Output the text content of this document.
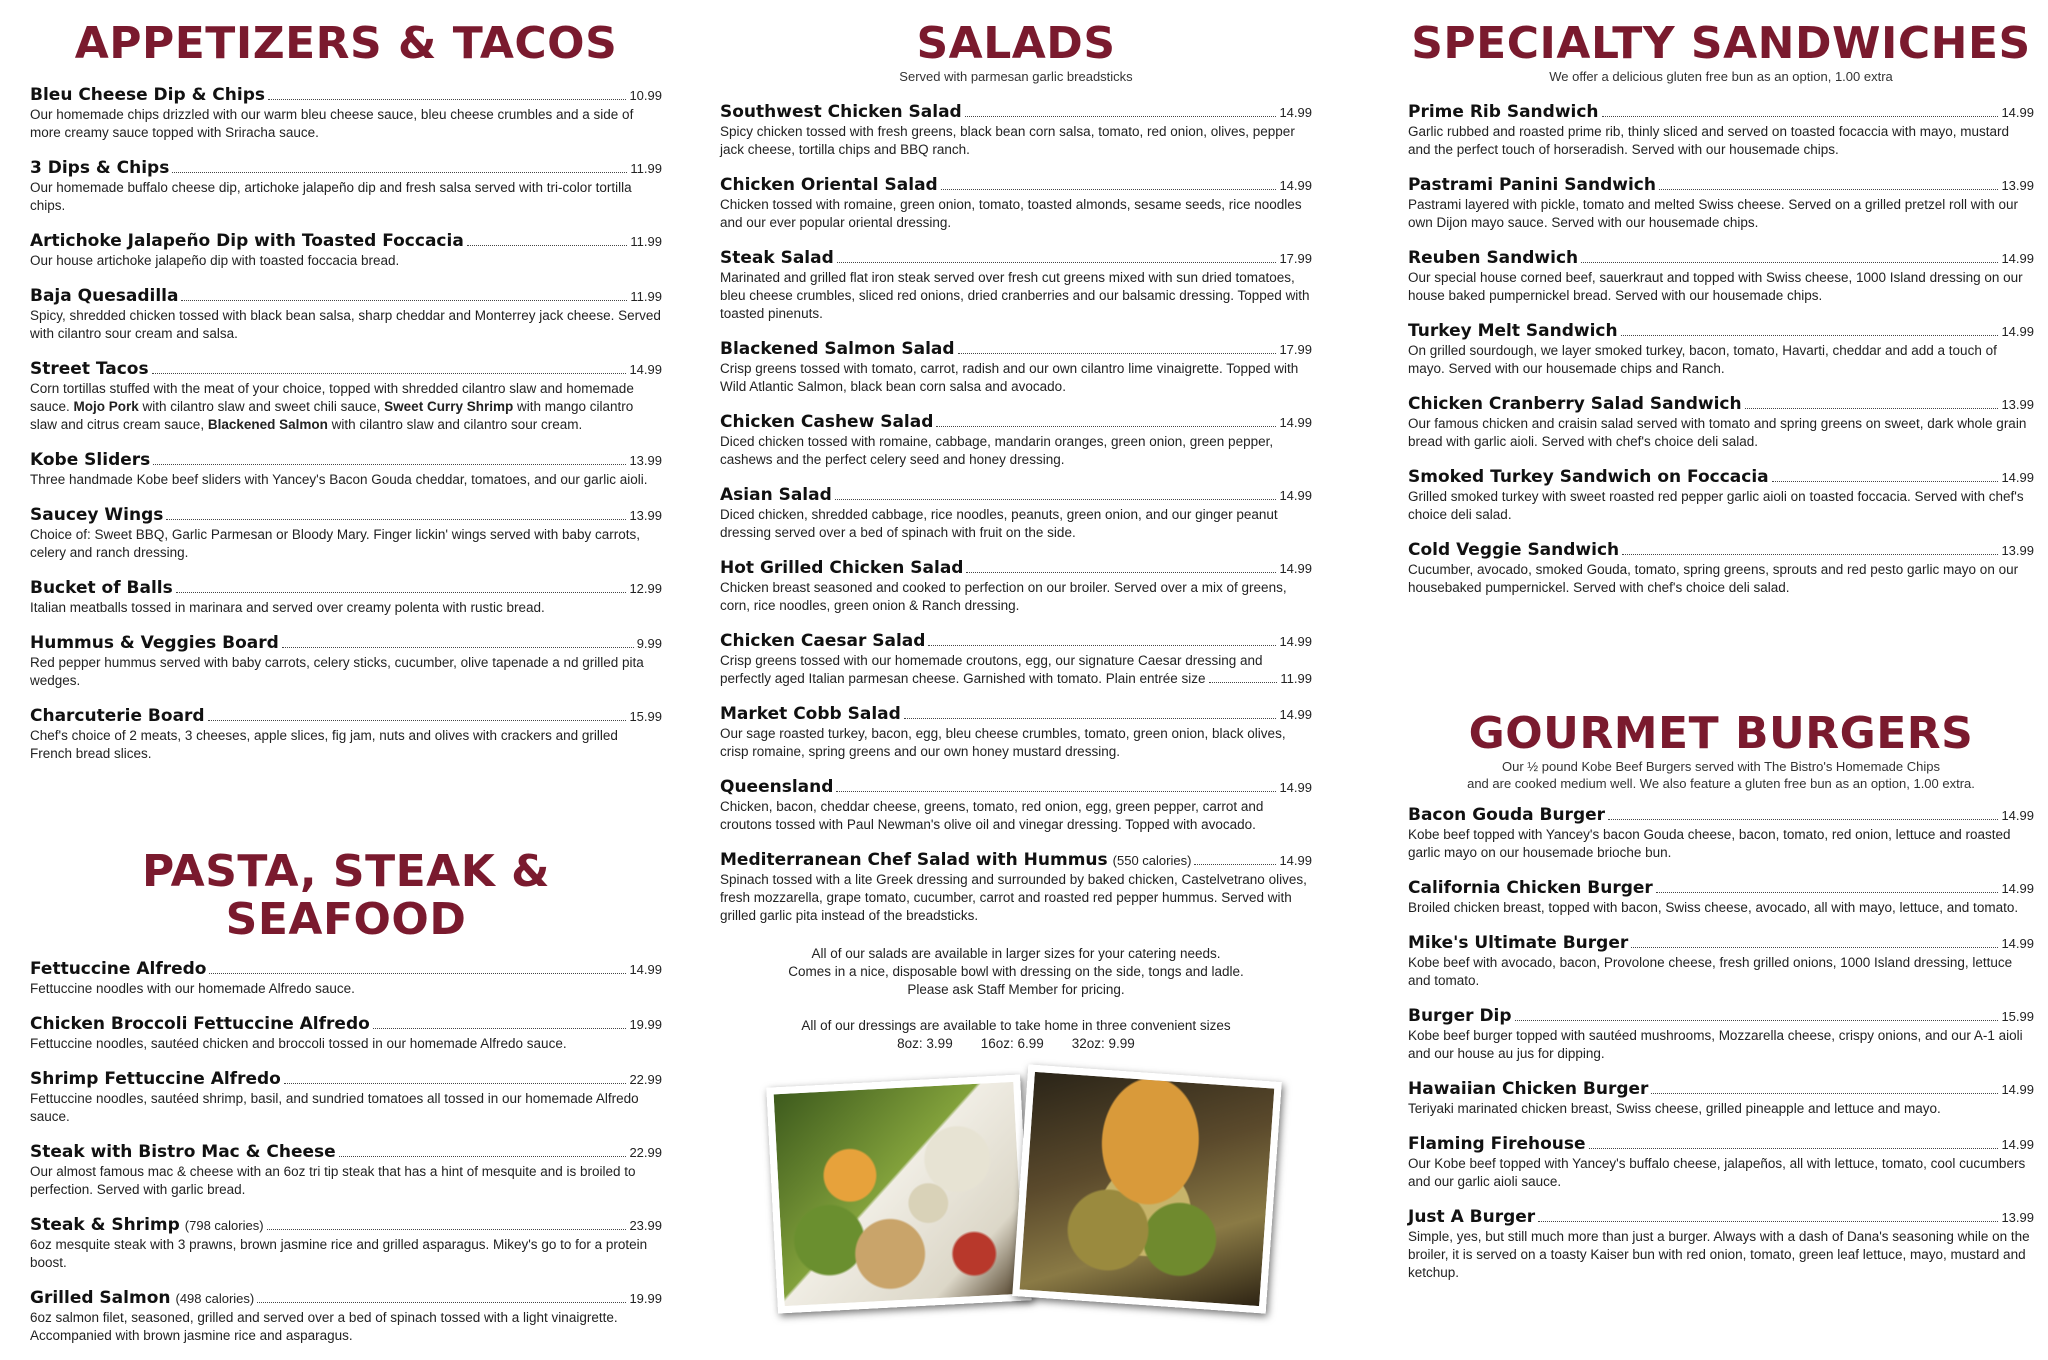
APPETIZERS & TACOS
Bleu Cheese Dip & Chips	10.99
Our homemade chips drizzled with our warm bleu cheese sauce, bleu cheese crumbles and a side of more creamy sauce topped with Sriracha sauce.
3 Dips & Chips	11.99
Our homemade buffalo cheese dip, artichoke jalapeño dip and fresh salsa served with tri-color tortilla chips.
Artichoke Jalapeño Dip with Toasted Foccacia	11.99
Our house artichoke jalapeño dip with toasted foccacia bread.
Baja Quesadilla	11.99
Spicy, shredded chicken tossed with black bean salsa, sharp cheddar and Monterrey jack cheese. Served with cilantro sour cream and salsa.
Street Tacos	14.99
Corn tortillas stuffed with the meat of your choice, topped with shredded cilantro slaw and homemade sauce. Mojo Pork with cilantro slaw and sweet chili sauce, Sweet Curry Shrimp with mango cilantro slaw and citrus cream sauce, Blackened Salmon with cilantro slaw and cilantro sour cream.
Kobe Sliders	13.99
Three handmade Kobe beef sliders with Yancey's Bacon Gouda cheddar, tomatoes, and our garlic aioli.
Saucey Wings	13.99
Choice of: Sweet BBQ, Garlic Parmesan or Bloody Mary. Finger lickin' wings served with baby carrots, celery and ranch dressing.
Bucket of Balls	12.99
Italian meatballs tossed in marinara and served over creamy polenta with rustic bread.
Hummus & Veggies Board	9.99
Red pepper hummus served with baby carrots, celery sticks, cucumber, olive tapenade a nd grilled pita wedges.
Charcuterie Board	15.99
Chef's choice of 2 meats, 3 cheeses, apple slices, fig jam, nuts and olives with crackers and grilled French bread slices.
PASTA, STEAK & SEAFOOD
Fettuccine Alfredo	14.99
Fettuccine noodles with our homemade Alfredo sauce.
Chicken Broccoli Fettuccine Alfredo	19.99
Fettuccine noodles, sautéed chicken and broccoli tossed in our homemade Alfredo sauce.
Shrimp Fettuccine Alfredo	22.99
Fettuccine noodles, sautéed shrimp, basil, and sundried tomatoes all tossed in our homemade Alfredo sauce.
Steak with Bistro Mac & Cheese	22.99
Our almost famous mac & cheese with an 6oz tri tip steak that has a hint of mesquite and is broiled to perfection. Served with garlic bread.
Steak & Shrimp (798 calories)	23.99
6oz mesquite steak with 3 prawns, brown jasmine rice and grilled asparagus. Mikey's go to for a protein boost.
Grilled Salmon (498 calories)	19.99
6oz salmon filet, seasoned, grilled and served over a bed of spinach tossed with a light vinaigrette. Accompanied with brown jasmine rice and asparagus.
SALADS

Served with parmesan garlic breadsticks

Southwest Chicken Salad	14.99
Spicy chicken tossed with fresh greens, black bean corn salsa, tomato, red onion, olives, pepper jack cheese, tortilla chips and BBQ ranch.
Chicken Oriental Salad	14.99
Chicken tossed with romaine, green onion, tomato, toasted almonds, sesame seeds, rice noodles and our ever popular oriental dressing.
Steak Salad	17.99
Marinated and grilled flat iron steak served over fresh cut greens mixed with sun dried tomatoes, bleu cheese crumbles, sliced red onions, dried cranberries and our balsamic dressing. Topped with toasted pinenuts.
Blackened Salmon Salad	17.99
Crisp greens tossed with tomato, carrot, radish and our own cilantro lime vinaigrette. Topped with Wild Atlantic Salmon, black bean corn salsa and avocado.
Chicken Cashew Salad	14.99
Diced chicken tossed with romaine, cabbage, mandarin oranges, green onion, green pepper, cashews and the perfect celery seed and honey dressing.
Asian Salad	14.99
Diced chicken, shredded cabbage, rice noodles, peanuts, green onion, and our ginger peanut dressing served over a bed of spinach with fruit on the side.
Hot Grilled Chicken Salad	14.99
Chicken breast seasoned and cooked to perfection on our broiler. Served over a mix of greens, corn, rice noodles, green onion & Ranch dressing.
Chicken Caesar Salad	14.99
Crisp greens tossed with our homemade croutons, egg, our signature Caesar dressing and
perfectly aged Italian parmesan cheese. Garnished with tomato. Plain entrée size	11.99
Market Cobb Salad	14.99
Our sage roasted turkey, bacon, egg, bleu cheese crumbles, tomato, green onion, black olives, crisp romaine, spring greens and our own honey mustard dressing.
Queensland	14.99
Chicken, bacon, cheddar cheese, greens, tomato, red onion, egg, green pepper, carrot and croutons tossed with Paul Newman's olive oil and vinegar dressing. Topped with avocado.
Mediterranean Chef Salad with Hummus (550 calories)	14.99
Spinach tossed with a lite Greek dressing and surrounded by baked chicken, Castelvetrano olives, fresh mozzarella, grape tomato, cucumber, carrot and roasted red pepper hummus. Served with grilled garlic pita instead of the breadsticks.

All of our salads are available in larger sizes for your catering needs.

Comes in a nice, disposable bowl with dressing on the side, tongs and ladle.

Please ask Staff Member for pricing.

All of our dressings are available to take home in three convenient sizes

8oz: 3.99 16oz: 6.99 32oz: 9.99
SPECIALTY SANDWICHES

We offer a delicious gluten free bun as an option, 1.00 extra

Prime Rib Sandwich	14.99
Garlic rubbed and roasted prime rib, thinly sliced and served on toasted focaccia with mayo, mustard and the perfect touch of horseradish. Served with our housemade chips.
Pastrami Panini Sandwich	13.99
Pastrami layered with pickle, tomato and melted Swiss cheese. Served on a grilled pretzel roll with our own Dijon mayo sauce. Served with our housemade chips.
Reuben Sandwich	14.99
Our special house corned beef, sauerkraut and topped with Swiss cheese, 1000 Island dressing on our house baked pumpernickel bread. Served with our housemade chips.
Turkey Melt Sandwich	14.99
On grilled sourdough, we layer smoked turkey, bacon, tomato, Havarti, cheddar and add a touch of mayo. Served with our housemade chips and Ranch.
Chicken Cranberry Salad Sandwich	13.99
Our famous chicken and craisin salad served with tomato and spring greens on sweet, dark whole grain bread with garlic aioli. Served with chef's choice deli salad.
Smoked Turkey Sandwich on Foccacia	14.99
Grilled smoked turkey with sweet roasted red pepper garlic aioli on toasted foccacia. Served with chef's choice deli salad.
Cold Veggie Sandwich	13.99
Cucumber, avocado, smoked Gouda, tomato, spring greens, sprouts and red pesto garlic mayo on our housebaked pumpernickel. Served with chef's choice deli salad.
GOURMET BURGERS

Our ½ pound Kobe Beef Burgers served with The Bistro's Homemade Chips
and are cooked medium well. We also feature a gluten free bun as an option, 1.00 extra.

Bacon Gouda Burger	14.99
Kobe beef topped with Yancey's bacon Gouda cheese, bacon, tomato, red onion, lettuce and roasted garlic mayo on our housemade brioche bun.
California Chicken Burger	14.99
Broiled chicken breast, topped with bacon, Swiss cheese, avocado, all with mayo, lettuce, and tomato.
Mike's Ultimate Burger	14.99
Kobe beef with avocado, bacon, Provolone cheese, fresh grilled onions, 1000 Island dressing, lettuce and tomato.
Burger Dip	15.99
Kobe beef burger topped with sautéed mushrooms, Mozzarella cheese, crispy onions, and our A-1 aioli and our house au jus for dipping.
Hawaiian Chicken Burger	14.99
Teriyaki marinated chicken breast, Swiss cheese, grilled pineapple and lettuce and mayo.
Flaming Firehouse	14.99
Our Kobe beef topped with Yancey's buffalo cheese, jalapeños, all with lettuce, tomato, cool cucumbers and our garlic aioli sauce.
Just A Burger	13.99
Simple, yes, but still much more than just a burger. Always with a dash of Dana's seasoning while on the broiler, it is served on a toasty Kaiser bun with red onion, tomato, green leaf lettuce, mayo, mustard and ketchup.
